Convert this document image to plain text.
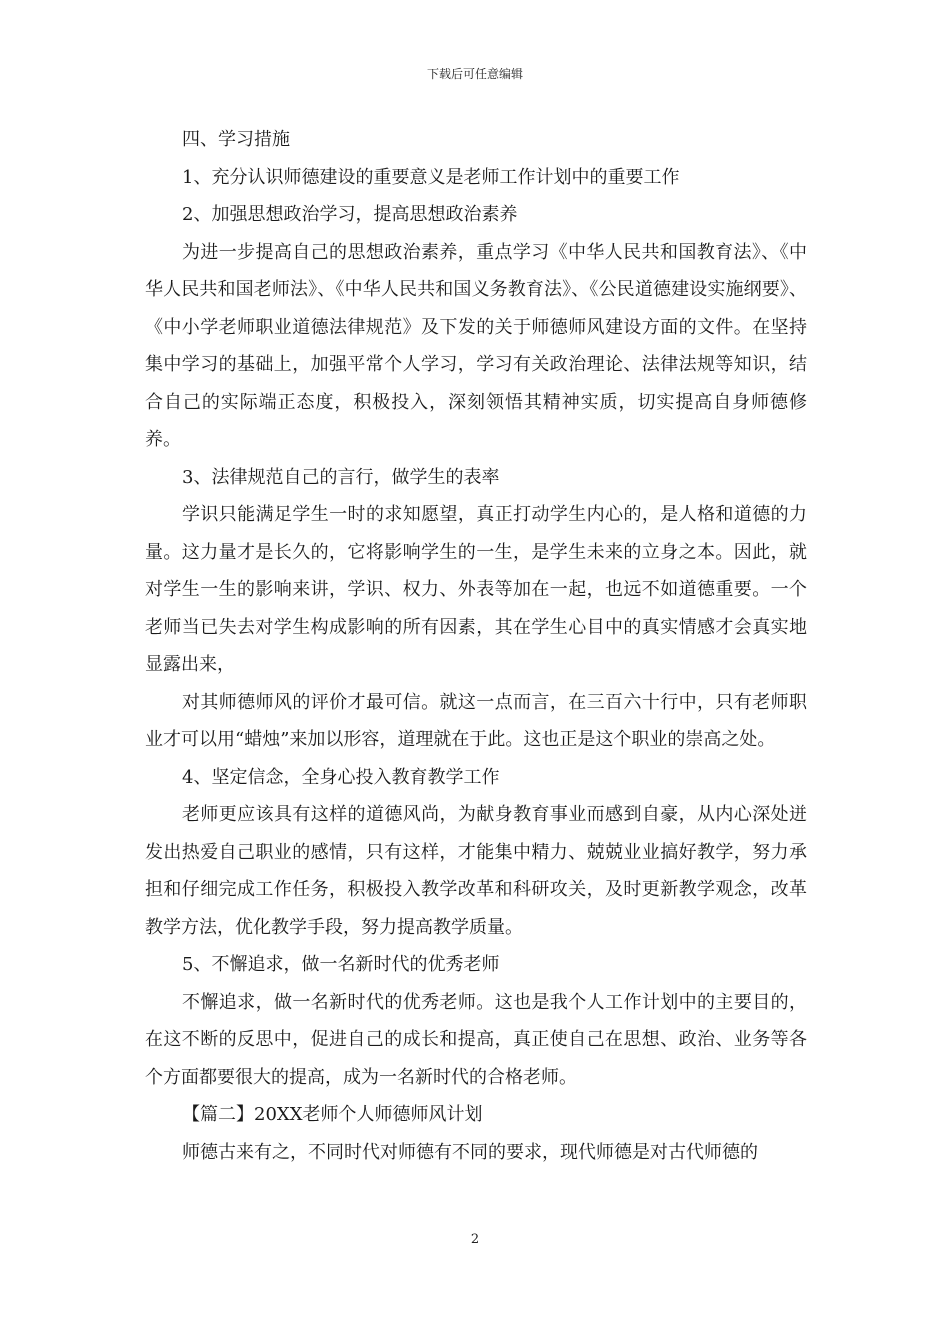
下载后可任意编辑

四、学习措施

1、充分认识师德建设的重要意义是老师工作计划中的重要工作

2、加强思想政治学习，提高思想政治素养

为进一步提高自己的思想政治素养，重点学习《中华人民共和国教育法》、《中华人民共和国老师法》、《中华人民共和国义务教育法》、《公民道德建设实施纲要》、《中小学老师职业道德法律规范》及下发的关于师德师风建设方面的文件。在坚持集中学习的基础上，加强平常个人学习，学习有关政治理论、法律法规等知识，结合自己的实际端正态度，积极投入，深刻领悟其精神实质，切实提高自身师德修养。

3、法律规范自己的言行，做学生的表率

学识只能满足学生一时的求知愿望，真正打动学生内心的，是人格和道德的力量。这力量才是长久的，它将影响学生的一生，是学生未来的立身之本。因此，就对学生一生的影响来讲，学识、权力、外表等加在一起，也远不如道德重要。一个老师当已失去对学生构成影响的所有因素，其在学生心目中的真实情感才会真实地显露出来，

对其师德师风的评价才最可信。就这一点而言，在三百六十行中，只有老师职业才可以用“蜡烛”来加以形容，道理就在于此。这也正是这个职业的崇高之处。

4、坚定信念，全身心投入教育教学工作

老师更应该具有这样的道德风尚，为献身教育事业而感到自豪，从内心深处迸发出热爱自己职业的感情，只有这样，才能集中精力、兢兢业业搞好教学，努力承担和仔细完成工作任务，积极投入教学改革和科研攻关，及时更新教学观念，改革教学方法，优化教学手段，努力提高教学质量。

5、不懈追求，做一名新时代的优秀老师

不懈追求，做一名新时代的优秀老师。这也是我个人工作计划中的主要目的，在这不断的反思中，促进自己的成长和提高，真正使自己在思想、政治、业务等各个方面都要很大的提高，成为一名新时代的合格老师。

【篇二】20XX老师个人师德师风计划

师德古来有之，不同时代对师德有不同的要求，现代师德是对古代师德的

2
